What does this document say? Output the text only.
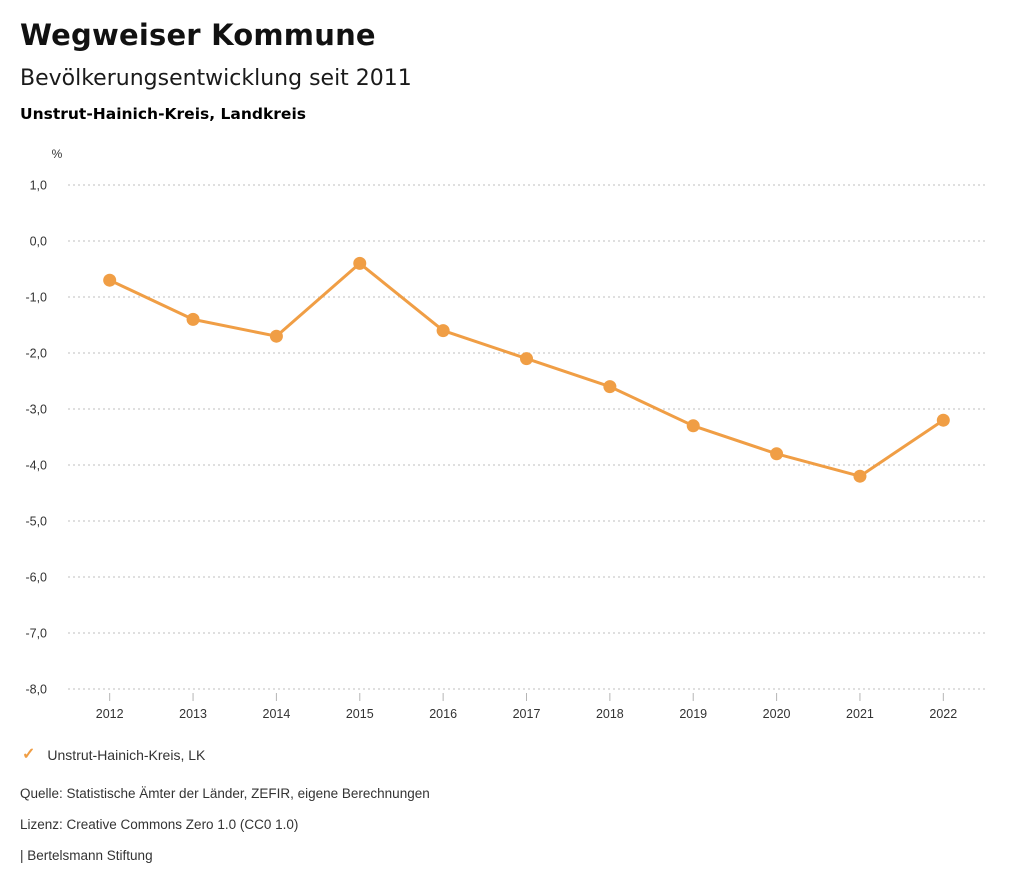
Wegweiser Kommune
Bevölkerungsentwicklung seit 2011
Unstrut-Hainich-Kreis, Landkreis
%
1,0
0,0
-1,0
-2,0
-3,0
-4,0
-5,0
-6,0
-7,0
-8,0
2012	2013	2014	2015	2016	2017	2018	2019	2020	2021	2022
✓ Unstrut-Hainich-Kreis, LK
Quelle: Statistische Ämter der Länder, ZEFIR, eigene Berechnungen
Lizenz: Creative Commons Zero 1.0 (CC0 1.0)
| Bertelsmann Stiftung
